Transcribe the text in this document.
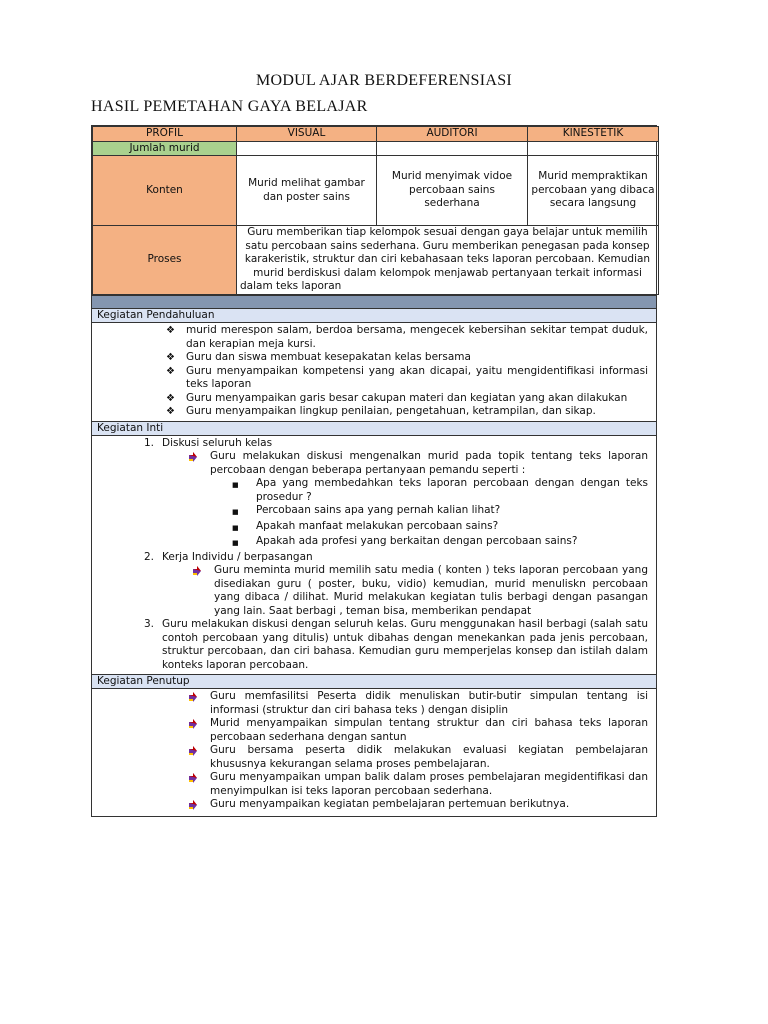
MODUL AJAR BERDEFERENSIASI
HASIL PEMETAHAN GAYA BELAJAR
PROFIL	VISUAL	AUDITORI	KINESTETIK
Jumlah murid			
Konten	Murid melihat gambar dan poster sains	Murid menyimak vidoe percobaan sains sederhana	Murid mempraktikan percobaan yang dibaca secara langsung
Proses	Guru memberikan tiap kelompok sesuai dengan gaya belajar untuk memilih satu percobaan sains sederhana. Guru memberikan penegasan pada konsep karakeristik, struktur dan ciri kebahasaan teks laporan percobaan. Kemudian murid berdiskusi dalam kelompok menjawab pertanyaan terkait informasi dalam teks laporan		
Kegiatan Pendahuluan
❖	murid merespon salam, berdoa bersama, mengecek kebersihan sekitar tempat duduk, dan kerapian meja kursi.
❖	Guru dan siswa membuat kesepakatan kelas bersama
❖	Guru menyampaikan kompetensi yang akan dicapai, yaitu mengidentifikasi informasi teks laporan
❖	Guru menyampaikan garis besar cakupan materi dan kegiatan yang akan dilakukan
❖	Guru menyampaikan lingkup penilaian, pengetahuan, ketrampilan, dan sikap.
Kegiatan Inti
1. Diskusi seluruh kelas
Guru melakukan diskusi mengenalkan murid pada topik tentang teks laporan percobaan dengan beberapa pertanyaan pemandu seperti :
■	Apa yang membedahkan teks laporan percobaan dengan dengan teks prosedur ?
■	Percobaan sains apa yang pernah kalian lihat?
■	Apakah manfaat melakukan percobaan sains?
■	Apakah ada profesi yang berkaitan dengan percobaan sains?
2. Kerja Individu / berpasangan
Guru meminta murid memilih satu media ( konten ) teks laporan percobaan yang disediakan guru ( poster, buku, vidio) kemudian, murid menuliskn percobaan yang dibaca / dilihat. Murid melakukan kegiatan tulis berbagi dengan pasangan yang lain. Saat berbagi , teman bisa, memberikan pendapat
3. Guru melakukan diskusi dengan seluruh kelas. Guru menggunakan hasil berbagi (salah satu contoh percobaan yang ditulis) untuk dibahas dengan menekankan pada jenis percobaan, struktur percobaan, dan ciri bahasa. Kemudian guru memperjelas konsep dan istilah dalam konteks laporan percobaan.
Kegiatan Penutup
Guru memfasilitsi Peserta didik menuliskan butir-butir simpulan tentang isi informasi (struktur dan ciri bahasa teks ) dengan disiplin
Murid menyampaikan simpulan tentang struktur dan ciri bahasa teks laporan percobaan sederhana dengan santun
Guru bersama peserta didik melakukan evaluasi kegiatan pembelajaran khususnya kekurangan selama proses pembelajaran.
Guru menyampaikan umpan balik dalam proses pembelajaran megidentifikasi dan menyimpulkan isi teks laporan percobaan sederhana.
Guru menyampaikan kegiatan pembelajaran pertemuan berikutnya.
